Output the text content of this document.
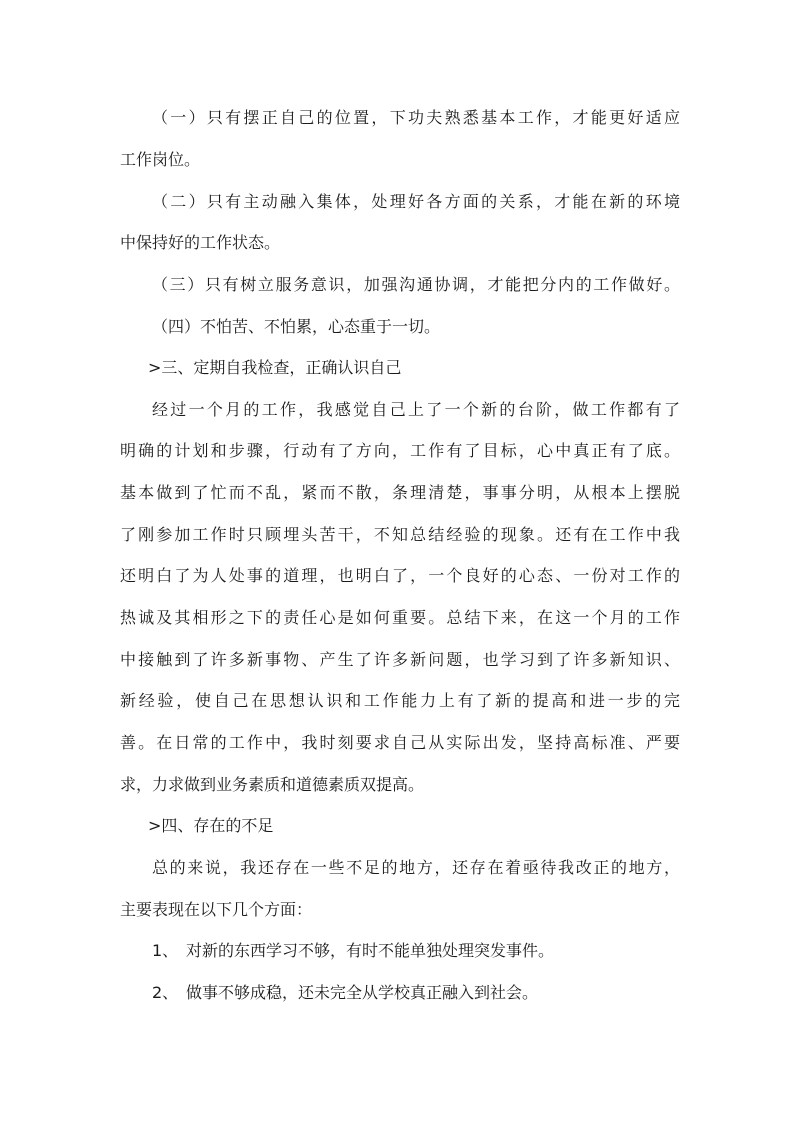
（一）只有摆正自己的位置，下功夫熟悉基本工作，才能更好适应
工作岗位。
（二）只有主动融入集体，处理好各方面的关系，才能在新的环境
中保持好的工作状态。
（三）只有树立服务意识，加强沟通协调，才能把分内的工作做好。
（四）不怕苦、不怕累，心态重于一切。
>三、定期自我检查，正确认识自己
经过一个月的工作，我感觉自己上了一个新的台阶，做工作都有了
明确的计划和步骤，行动有了方向，工作有了目标，心中真正有了底。
基本做到了忙而不乱，紧而不散，条理清楚，事事分明，从根本上摆脱
了刚参加工作时只顾埋头苦干，不知总结经验的现象。还有在工作中我
还明白了为人处事的道理，也明白了，一个良好的心态、一份对工作的
热诚及其相形之下的责任心是如何重要。总结下来，在这一个月的工作
中接触到了许多新事物、产生了许多新问题，也学习到了许多新知识、
新经验，使自己在思想认识和工作能力上有了新的提高和进一步的完
善。在日常的工作中，我时刻要求自己从实际出发，坚持高标准、严要
求，力求做到业务素质和道德素质双提高。
>四、存在的不足
总的来说，我还存在一些不足的地方，还存在着亟待我改正的地方，
主要表现在以下几个方面：
1、 对新的东西学习不够，有时不能单独处理突发事件。
2、 做事不够成稳，还未完全从学校真正融入到社会。
